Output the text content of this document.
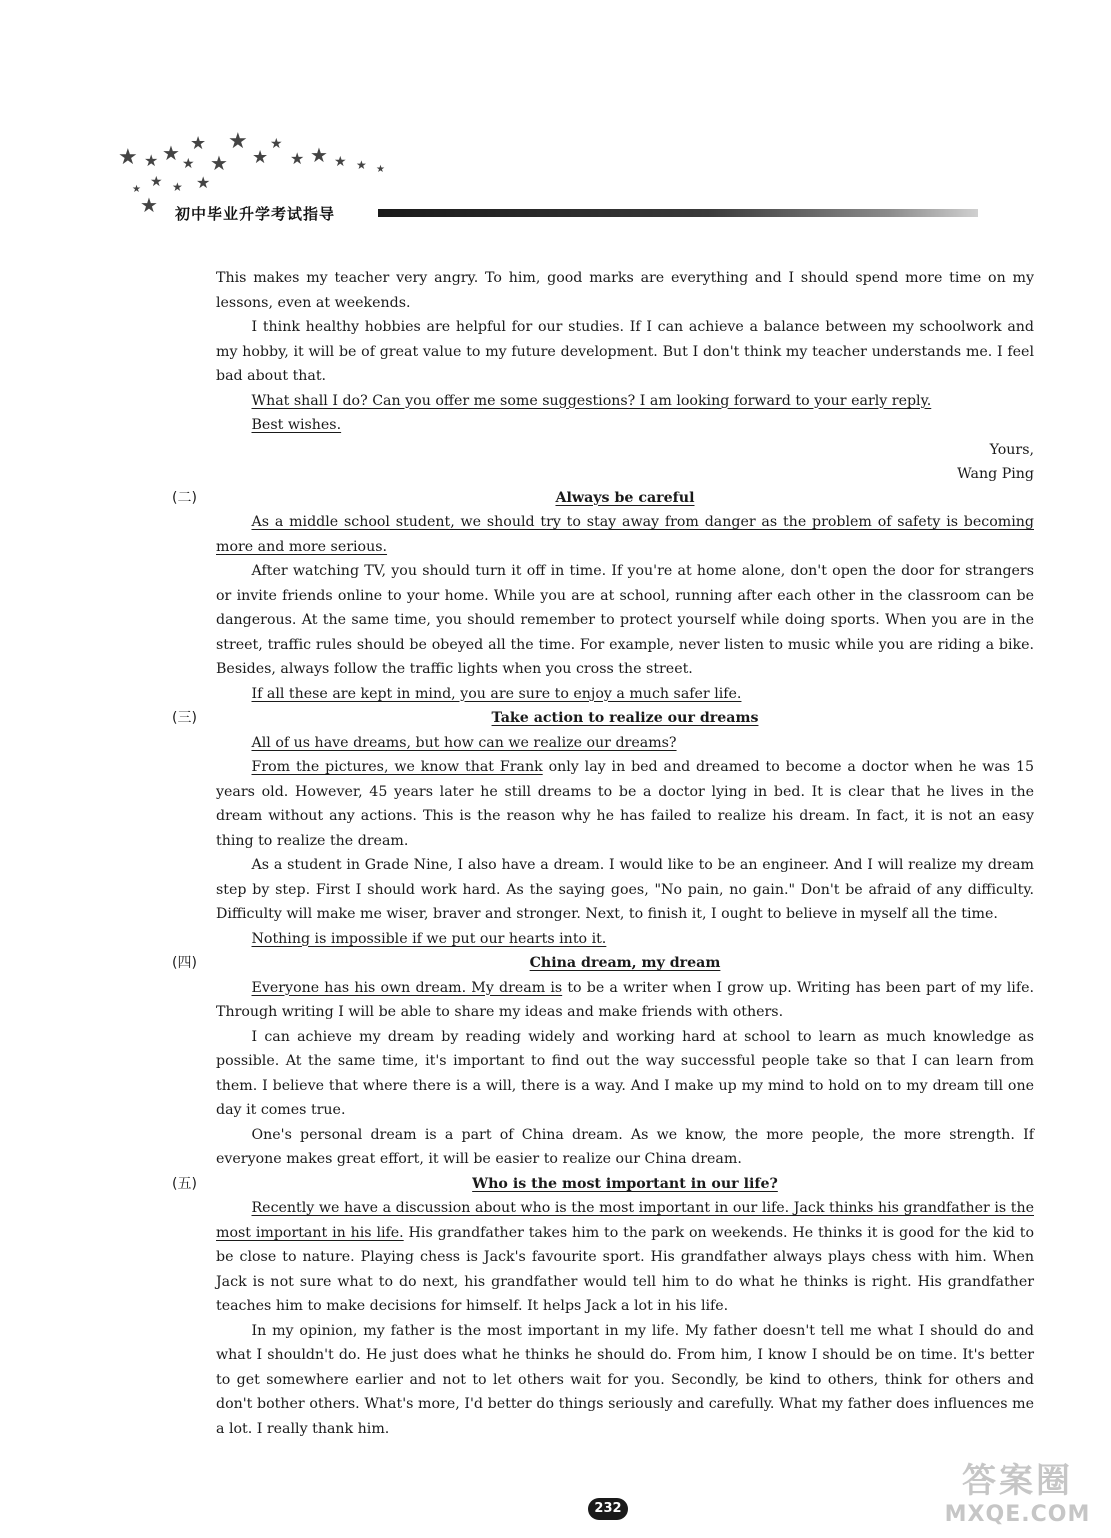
★ ★ ★ ★
★
★
★
★
★
★ ★ ★ ★ ★
★ ★ ★
★
★ 初中毕业升学考试指导

This makes my teacher very angry. To him, good marks are everything and I should spend more time on my lessons, even at weekends.

I think healthy hobbies are helpful for our studies. If I can achieve a balance between my schoolwork and my hobby, it will be of great value to my future development. But I don't think my teacher understands me. I feel bad about that.

What shall I do? Can you offer me some suggestions? I am looking forward to your early reply.

Best wishes.

Yours,

Wang Ping

(二)	Always be careful

As a middle school student, we should try to stay away from danger as the problem of safety is becoming more and more serious.

After watching TV, you should turn it off in time. If you're at home alone, don't open the door for strangers or invite friends online to your home. While you are at school, running after each other in the classroom can be dangerous. At the same time, you should remember to protect yourself while doing sports. When you are in the street, traffic rules should be obeyed all the time. For example, never listen to music while you are riding a bike. Besides, always follow the traffic lights when you cross the street.

If all these are kept in mind, you are sure to enjoy a much safer life.

(三)	Take action to realize our dreams

All of us have dreams, but how can we realize our dreams?

From the pictures, we know that Frank only lay in bed and dreamed to become a doctor when he was 15 years old. However, 45 years later he still dreams to be a doctor lying in bed. It is clear that he lives in the dream without any actions. This is the reason why he has failed to realize his dream. In fact, it is not an easy thing to realize the dream.

As a student in Grade Nine, I also have a dream. I would like to be an engineer. And I will realize my dream step by step. First I should work hard. As the saying goes, "No pain, no gain." Don't be afraid of any difficulty. Difficulty will make me wiser, braver and stronger. Next, to finish it, I ought to believe in myself all the time.

Nothing is impossible if we put our hearts into it.

(四)	China dream, my dream

Everyone has his own dream. My dream is to be a writer when I grow up. Writing has been part of my life. Through writing I will be able to share my ideas and make friends with others.

I can achieve my dream by reading widely and working hard at school to learn as much knowledge as possible. At the same time, it's important to find out the way successful people take so that I can learn from them. I believe that where there is a will, there is a way. And I make up my mind to hold on to my dream till one day it comes true.

One's personal dream is a part of China dream. As we know, the more people, the more strength. If everyone makes great effort, it will be easier to realize our China dream.

(五)	Who is the most important in our life?

Recently we have a discussion about who is the most important in our life. Jack thinks his grandfather is the most important in his life. His grandfather takes him to the park on weekends. He thinks it is good for the kid to be close to nature. Playing chess is Jack's favourite sport. His grandfather always plays chess with him. When Jack is not sure what to do next, his grandfather would tell him to do what he thinks is right. His grandfather teaches him to make decisions for himself. It helps Jack a lot in his life.

In my opinion, my father is the most important in my life. My father doesn't tell me what I should do and what I shouldn't do. He just does what he thinks he should do. From him, I know I should be on time. It's better to get somewhere earlier and not to let others wait for you. Secondly, be kind to others, think for others and don't bother others. What's more, I'd better do things seriously and carefully. What my father does influences me a lot. I really thank him.

232
答案圈
MXQE.COM
